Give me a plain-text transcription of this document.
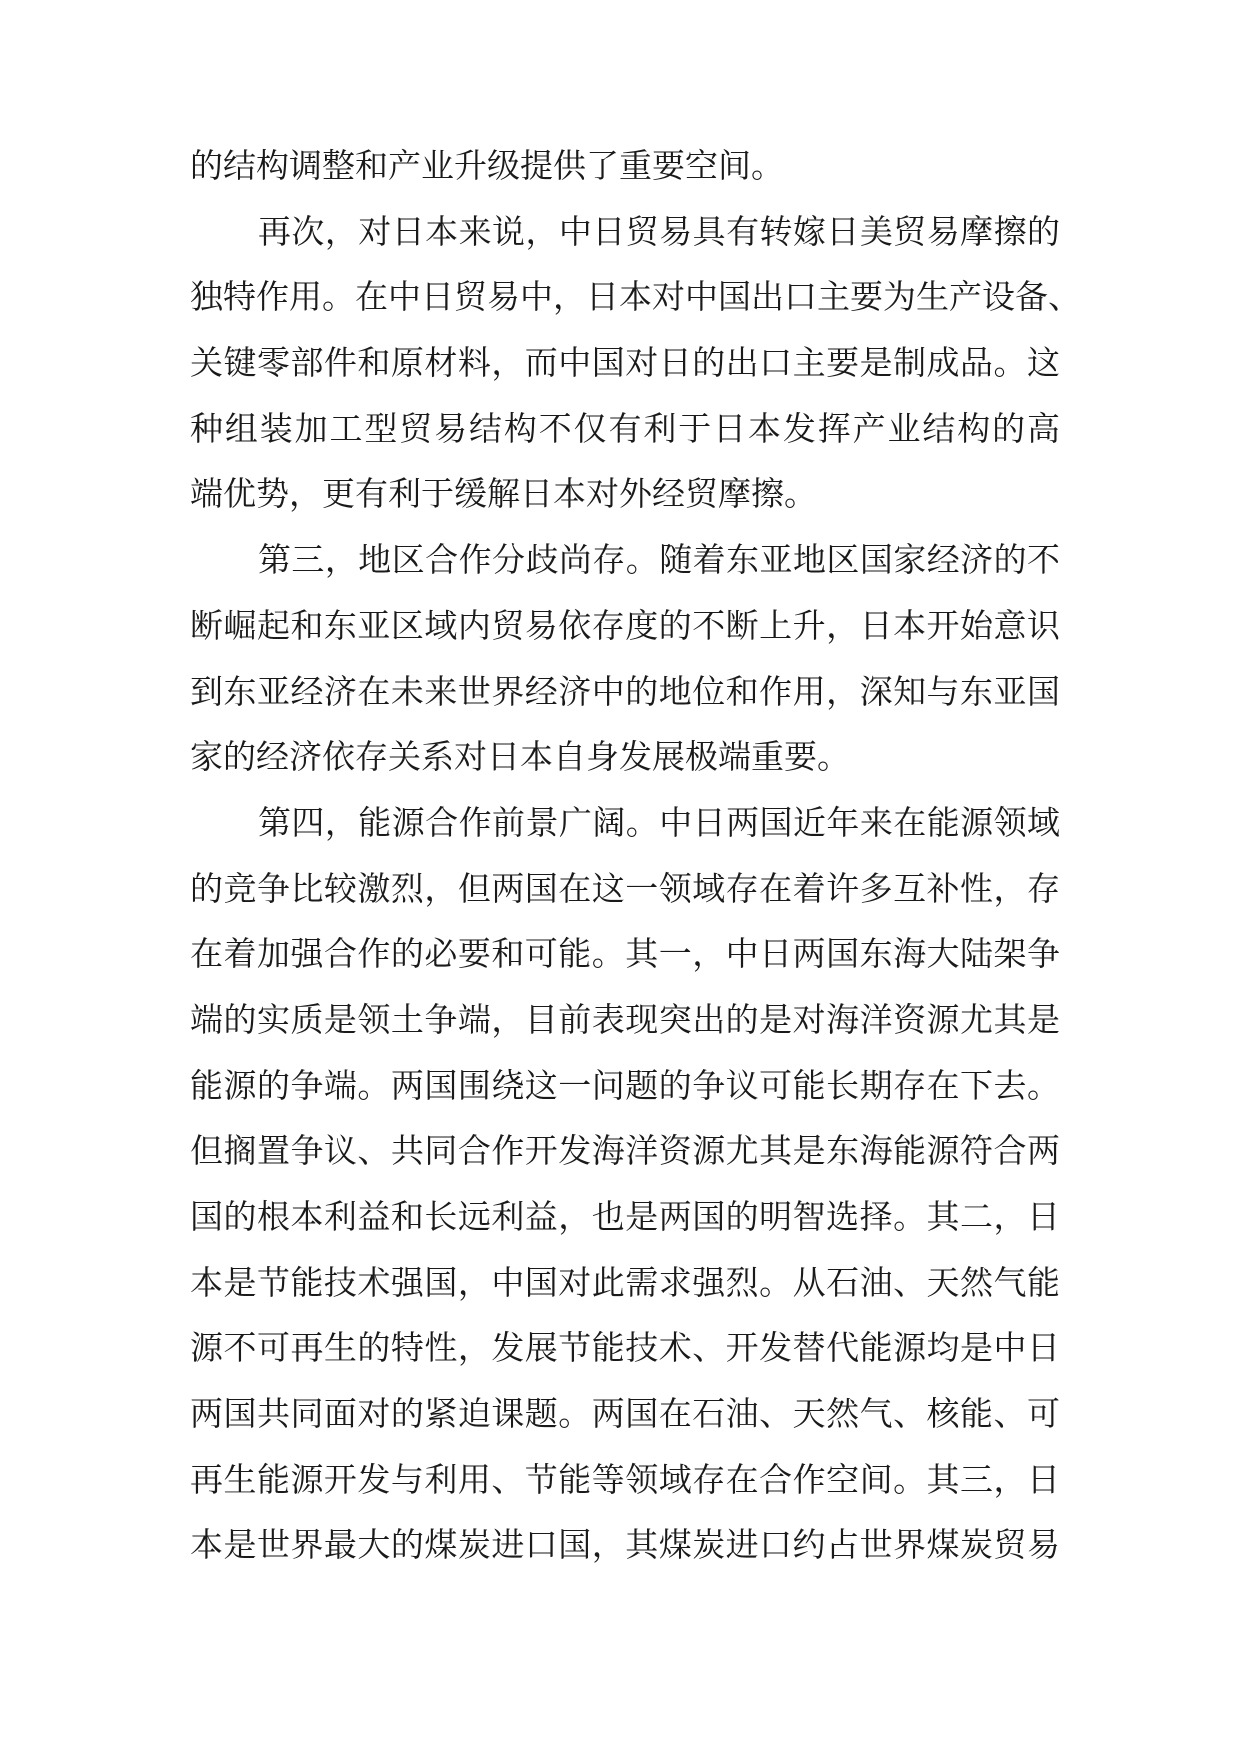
的结构调整和产业升级提供了重要空间。
再次，对日本来说，中日贸易具有转嫁日美贸易摩擦的
独特作用。在中日贸易中，日本对中国出口主要为生产设备、
关键零部件和原材料，而中国对日的出口主要是制成品。这
种组装加工型贸易结构不仅有利于日本发挥产业结构的高
端优势，更有利于缓解日本对外经贸摩擦。
第三，地区合作分歧尚存。随着东亚地区国家经济的不
断崛起和东亚区域内贸易依存度的不断上升，日本开始意识
到东亚经济在未来世界经济中的地位和作用，深知与东亚国
家的经济依存关系对日本自身发展极端重要。
第四，能源合作前景广阔。中日两国近年来在能源领域
的竞争比较激烈，但两国在这一领域存在着许多互补性，存
在着加强合作的必要和可能。其一，中日两国东海大陆架争
端的实质是领土争端，目前表现突出的是对海洋资源尤其是
能源的争端。两国围绕这一问题的争议可能长期存在下去。
但搁置争议、共同合作开发海洋资源尤其是东海能源符合两
国的根本利益和长远利益，也是两国的明智选择。其二，日
本是节能技术强国，中国对此需求强烈。从石油、天然气能
源不可再生的特性，发展节能技术、开发替代能源均是中日
两国共同面对的紧迫课题。两国在石油、天然气、核能、可
再生能源开发与利用、节能等领域存在合作空间。其三，日
本是世界最大的煤炭进口国，其煤炭进口约占世界煤炭贸易
